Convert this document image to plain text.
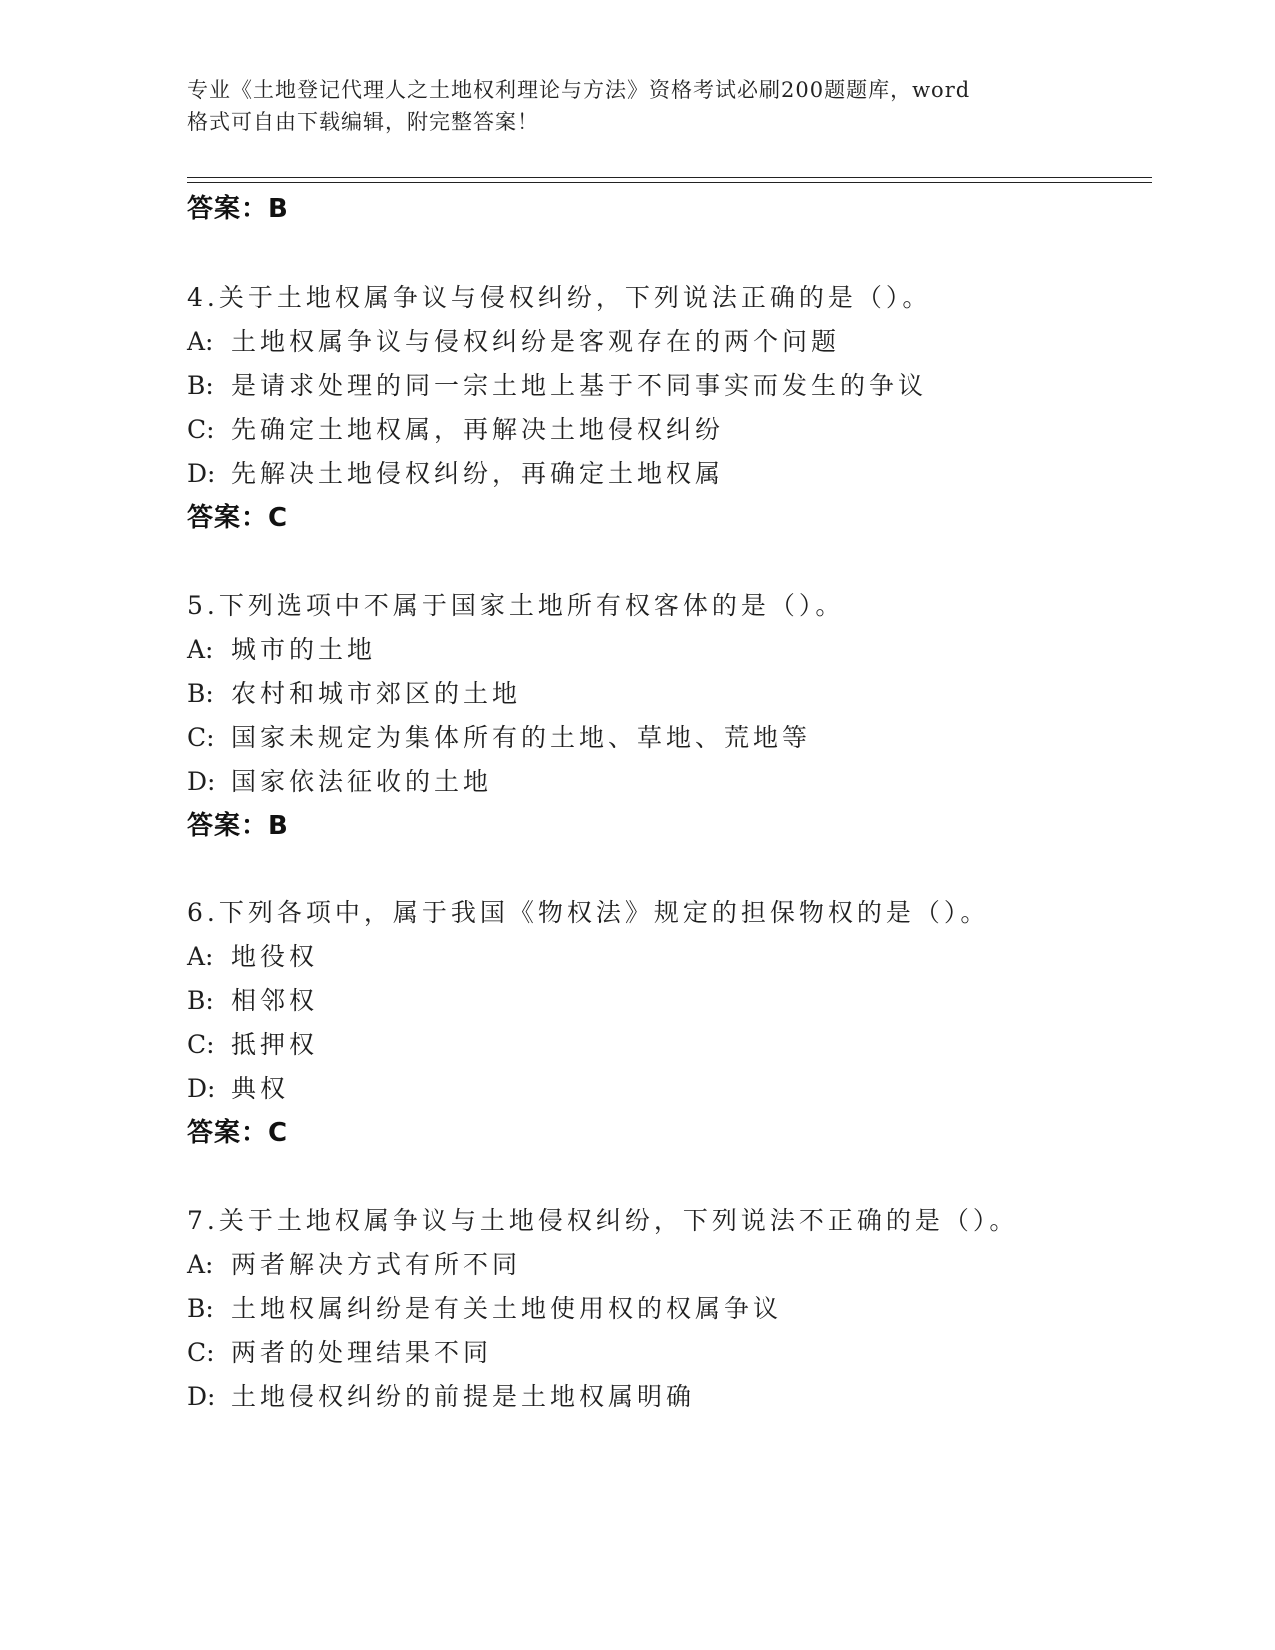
专业《土地登记代理人之土地权利理论与方法》资格考试必刷200题题库，word
格式可自由下载编辑，附完整答案！
答案：B
4.关于土地权属争议与侵权纠纷，下列说法正确的是（）。
A: 土地权属争议与侵权纠纷是客观存在的两个问题
B: 是请求处理的同一宗土地上基于不同事实而发生的争议
C: 先确定土地权属，再解决土地侵权纠纷
D: 先解决土地侵权纠纷，再确定土地权属
答案：C
5.下列选项中不属于国家土地所有权客体的是（）。
A: 城市的土地
B: 农村和城市郊区的土地
C: 国家未规定为集体所有的土地、草地、荒地等
D: 国家依法征收的土地
答案：B
6.下列各项中，属于我国《物权法》规定的担保物权的是（）。
A: 地役权
B: 相邻权
C: 抵押权
D: 典权
答案：C
7.关于土地权属争议与土地侵权纠纷，下列说法不正确的是（）。
A: 两者解决方式有所不同
B: 土地权属纠纷是有关土地使用权的权属争议
C: 两者的处理结果不同
D: 土地侵权纠纷的前提是土地权属明确
